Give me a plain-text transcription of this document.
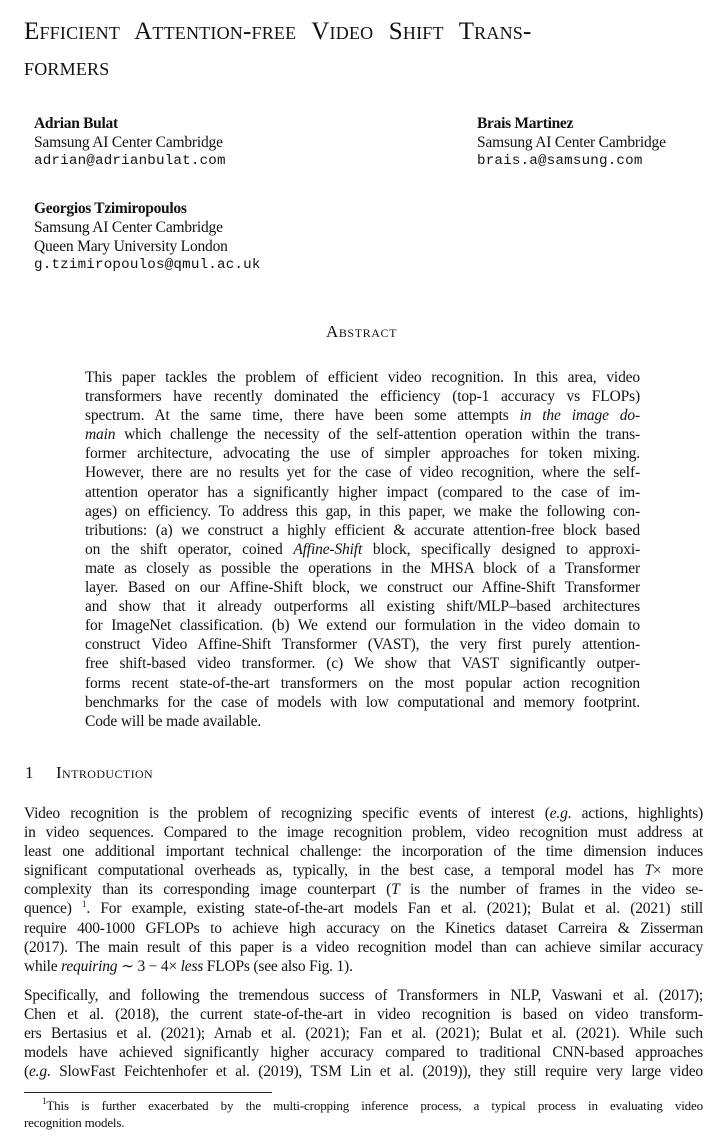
Efficient Attention-free Video Shift Trans-
formers
Adrian Bulat
Samsung AI Center Cambridge
adrian@adrianbulat.com
Brais Martinez
Samsung AI Center Cambridge
brais.a@samsung.com
Georgios Tzimiropoulos
Samsung AI Center Cambridge
Queen Mary University London
g.tzimiropoulos@qmul.ac.uk
Abstract
This paper tackles the problem of efficient video recognition. In this area, video
transformers have recently dominated the efficiency (top-1 accuracy vs FLOPs)
spectrum. At the same time, there have been some attempts in the image do-
main which challenge the necessity of the self-attention operation within the trans-
former architecture, advocating the use of simpler approaches for token mixing.
However, there are no results yet for the case of video recognition, where the self-
attention operator has a significantly higher impact (compared to the case of im-
ages) on efficiency. To address this gap, in this paper, we make the following con-
tributions: (a) we construct a highly efficient & accurate attention-free block based
on the shift operator, coined Affine-Shift block, specifically designed to approxi-
mate as closely as possible the operations in the MHSA block of a Transformer
layer. Based on our Affine-Shift block, we construct our Affine-Shift Transformer
and show that it already outperforms all existing shift/MLP–based architectures
for ImageNet classification. (b) We extend our formulation in the video domain to
construct Video Affine-Shift Transformer (VAST), the very first purely attention-
free shift-based video transformer. (c) We show that VAST significantly outper-
forms recent state-of-the-art transformers on the most popular action recognition
benchmarks for the case of models with low computational and memory footprint.
Code will be made available.
1 Introduction
Video recognition is the problem of recognizing specific events of interest (e.g. actions, highlights)
in video sequences. Compared to the image recognition problem, video recognition must address at
least one additional important technical challenge: the incorporation of the time dimension induces
significant computational overheads as, typically, in the best case, a temporal model has T× more
complexity than its corresponding image counterpart (T is the number of frames in the video se-
quence) $^1$. For example, existing state-of-the-art models Fan et al. (2021); Bulat et al. (2021) still
require 400-1000 GFLOPs to achieve high accuracy on the Kinetics dataset Carreira & Zisserman
(2017). The main result of this paper is a video recognition model than can achieve similar accuracy
while requiring ∼ 3 − 4× less FLOPs (see also Fig. 1).
Specifically, and following the tremendous success of Transformers in NLP, Vaswani et al. (2017);
Chen et al. (2018), the current state-of-the-art in video recognition is based on video transform-
ers Bertasius et al. (2021); Arnab et al. (2021); Fan et al. (2021); Bulat et al. (2021). While such
models have achieved significantly higher accuracy compared to traditional CNN-based approaches
(e.g. SlowFast Feichtenhofer et al. (2019), TSM Lin et al. (2019)), they still require very large video
$^1$This is further exacerbated by the multi-cropping inference process, a typical process in evaluating video
recognition models.
